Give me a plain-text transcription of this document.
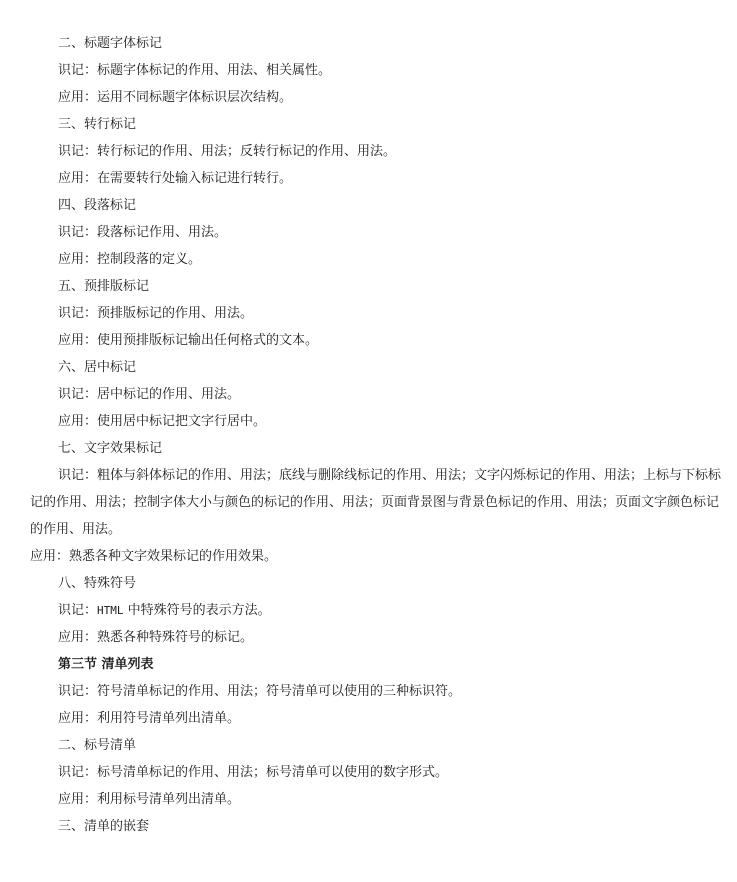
二、标题字体标记

识记：标题字体标记的作用、用法、相关属性。

应用：运用不同标题字体标识层次结构。

三、转行标记

识记：转行标记的作用、用法；反转行标记的作用、用法。

应用：在需要转行处输入标记进行转行。

四、段落标记

识记：段落标记作用、用法。

应用：控制段落的定义。

五、预排版标记

识记：预排版标记的作用、用法。

应用：使用预排版标记输出任何格式的文本。

六、居中标记

识记：居中标记的作用、用法。

应用：使用居中标记把文字行居中。

七、文字效果标记

识记：粗体与斜体标记的作用、用法；底线与删除线标记的作用、用法；文字闪烁标记的作用、用法；上标与下标标记的作用、用法；控制字体大小与颜色的标记的作用、用法；页面背景图与背景色标记的作用、用法；页面文字颜色标记的作用、用法。

应用：熟悉各种文字效果标记的作用效果。

八、特殊符号

识记：HTML 中特殊符号的表示方法。

应用：熟悉各种特殊符号的标记。

第三节 清单列表

识记：符号清单标记的作用、用法；符号清单可以使用的三种标识符。

应用：利用符号清单列出清单。

二、标号清单

识记：标号清单标记的作用、用法；标号清单可以使用的数字形式。

应用：利用标号清单列出清单。

三、清单的嵌套
